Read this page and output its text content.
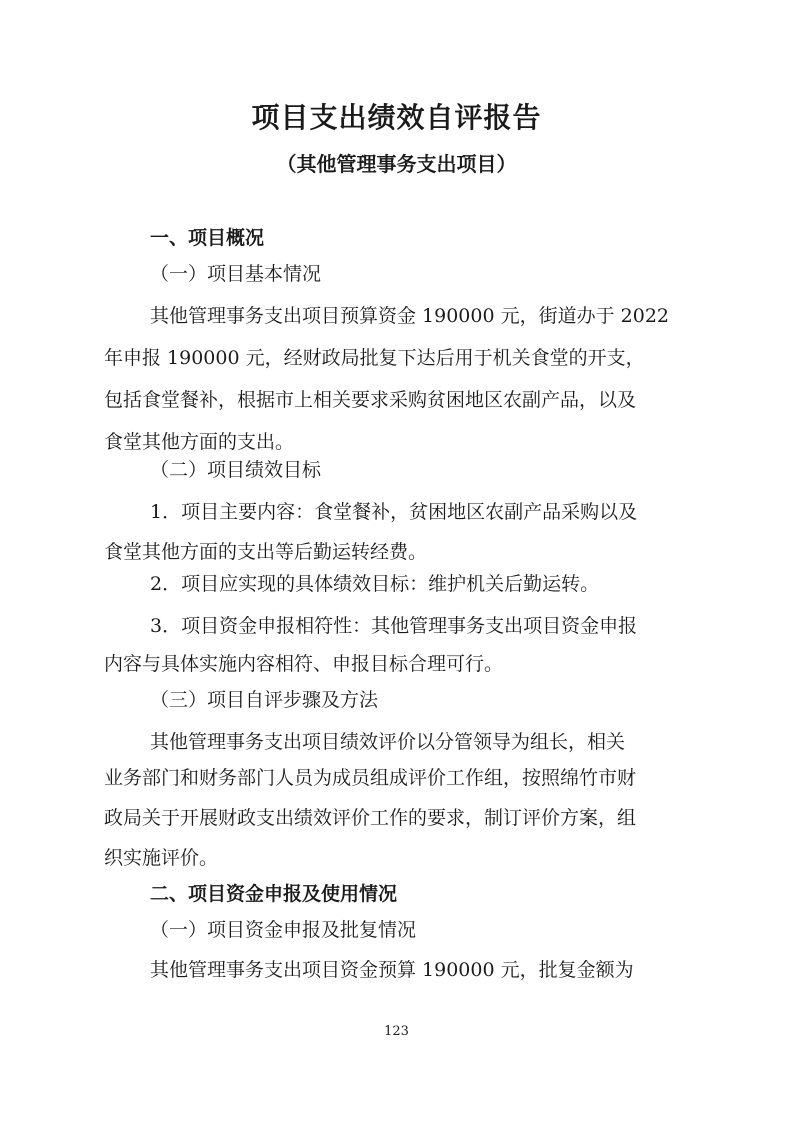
项目支出绩效自评报告
（其他管理事务支出项目）
一、项目概况
（一）项目基本情况
其他管理事务支出项目预算资金 190000 元，街道办于 2022
年申报 190000 元，经财政局批复下达后用于机关食堂的开支，
包括食堂餐补，根据市上相关要求采购贫困地区农副产品，以及
食堂其他方面的支出。
（二）项目绩效目标
1．项目主要内容：食堂餐补，贫困地区农副产品采购以及
食堂其他方面的支出等后勤运转经费。
2．项目应实现的具体绩效目标：维护机关后勤运转。
3．项目资金申报相符性：其他管理事务支出项目资金申报
内容与具体实施内容相符、申报目标合理可行。
（三）项目自评步骤及方法
其他管理事务支出项目绩效评价以分管领导为组长，相关
业务部门和财务部门人员为成员组成评价工作组，按照绵竹市财
政局关于开展财政支出绩效评价工作的要求，制订评价方案，组
织实施评价。
二、项目资金申报及使用情况
（一）项目资金申报及批复情况
其他管理事务支出项目资金预算 190000 元，批复金额为
123
